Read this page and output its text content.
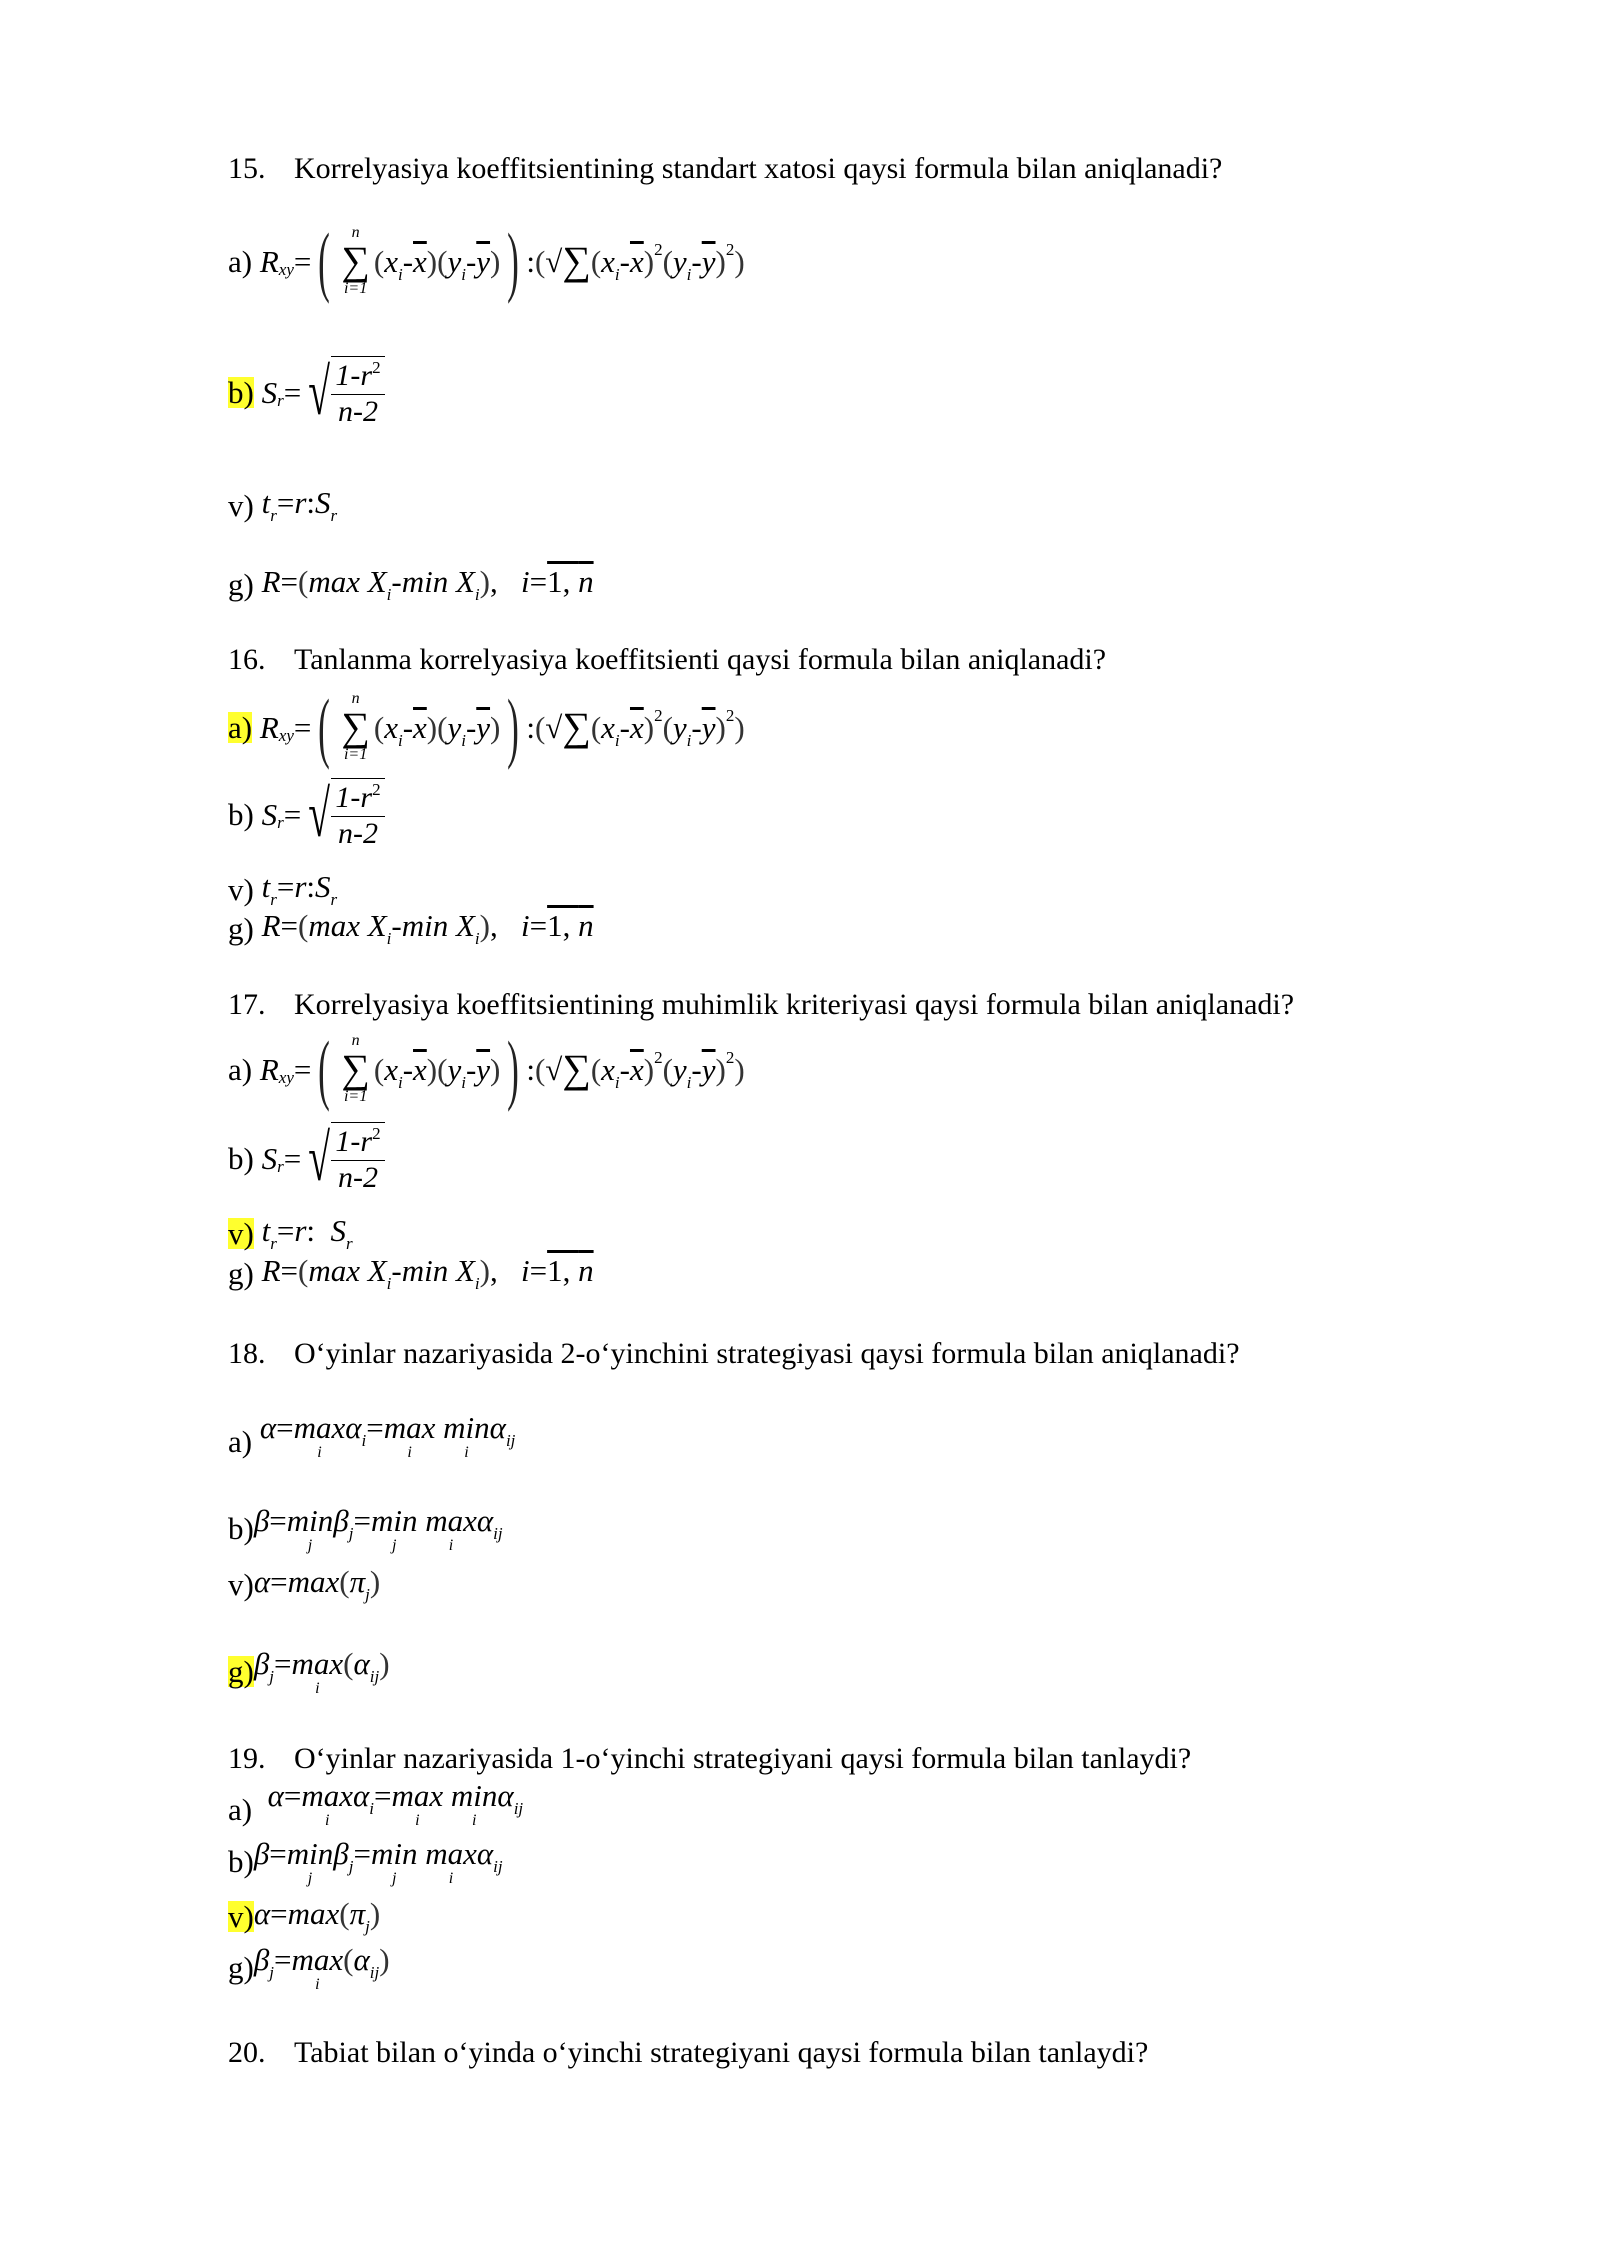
15. Korrelyasiya koeffitsientining standart xatosi qaysi formula bilan aniqlanadi?
a)
R xy = ( n
∑
i=1
( $x_i - \overline{x}$ ) ( $y_i - \overline{y}$ ) ) : ( √ ∑ ( $x_i - \overline{x}$ ) 2 ( $y_i - \overline{y}$ ) 2 )
b)
S r = √ $\frac{1-r^2}{n-2}$
v) $t_r=r:S_r$
g) R=(max $X_i-\min$ $X_i$),   i=1, n
16. Tanlanma korrelyasiya koeffitsienti qaysi formula bilan aniqlanadi?
a)
R xy = ( n
∑
i=1
( $x_i - \overline{x}$ ) ( $y_i - \overline{y}$ ) ) : ( √ ∑ ( $x_i - \overline{x}$ ) 2 ( $y_i - \overline{y}$ ) 2 )
b)
S r = √ $\frac{1-r^2}{n-2}$
v) $t_r=r:S_r$
g) R=(max $X_i-\min$ $X_i$),   i=1, n
17. Korrelyasiya koeffitsientining muhimlik kriteriyasi qaysi formula bilan aniqlanadi?
a)
R xy = ( n
∑
i=1
( $x_i - \overline{x}$ ) ( $y_i - \overline{y}$ ) ) : ( √ ∑ ( $x_i - \overline{x}$ ) 2 ( $y_i - \overline{y}$ ) 2 )
b)
S r = √ $\frac{1-r^2}{n-2}$
v) $t_r=r$:  $S_r$
g) R=(max $X_i-\min$ $X_i$),   i=1, n
18. O‘yinlar nazariyasida 2-o‘yinchini strategiyasi qaysi formula bilan aniqlanadi?
a) α= max
i
$\alpha_i= \max$
i

min
i
$\alpha_{ij}$
b)β= min
j
$\beta_j= \min$
j

max
i
$\alpha_{ij}$
$v)\alpha=\max(\pi_j)$
$g)\beta_j= \max$
i
$(\alpha_{ij})$
19. O‘yinlar nazariyasida 1-o‘yinchi strategiyani qaysi formula bilan tanlaydi?
a) α= max
i
$\alpha_i= \max$
i

min
i
$\alpha_{ij}$
b)β= min
j
$\beta_j= \min$
j

max
i
$\alpha_{ij}$
$v)\alpha=\max(\pi_j)$
$g)\beta_j= \max$
i
$(\alpha_{ij})$
20. Tabiat bilan o‘yinda o‘yinchi strategiyani qaysi formula bilan tanlaydi?
